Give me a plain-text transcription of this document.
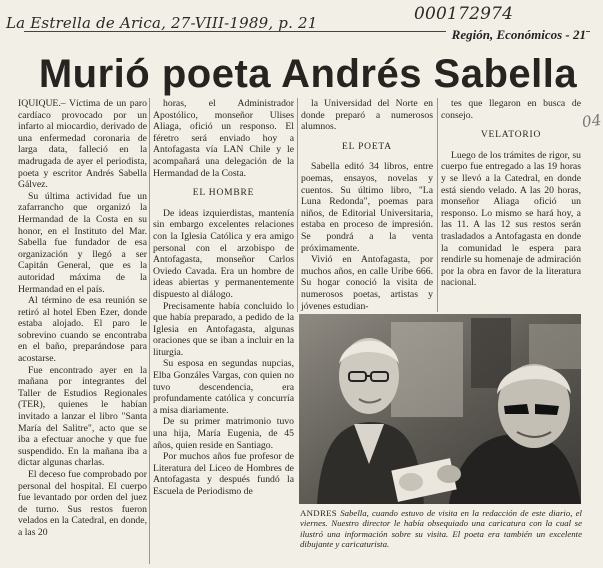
La Estrella de Arica, 27-VIII-1989, p. 21	000172974
04
Región, Económicos - 21
Murió poeta Andrés Sabella

IQUIQUE.– Víctima de un paro cardíaco provocado por un infarto al miocardio, derivado de una enfermedad coronaria de larga data, falleció en la madrugada de ayer el periodista, poeta y escritor Andrés Sabella Gálvez.

Su última actividad fue un zafarrancho que organizó la Hermandad de la Costa en su honor, en el Instituto del Mar. Sabella fue fundador de esa organización y llegó a ser Capitán General, que es la autoridad máxima de la Hermandad en el país.

Al término de esa reunión se retiró al hotel Eben Ezer, donde estaba alojado. El paro le sobrevino cuando se encontraba en el baño, preparándose para acostarse.

Fue encontrado ayer en la mañana por integrantes del Taller de Estudios Regionales (TER), quienes le habían invitado a lanzar el libro "Santa María del Salitre", acto que se iba a efectuar anoche y que fue suspendido. En la mañana iba a dictar algunas charlas.

El deceso fue comprobado por personal del hospital. El cuerpo fue levantado por orden del juez de turno. Sus restos fueron velados en la Catedral, en donde, a las 20

horas, el Administrador Apostólico, monseñor Ulises Aliaga, ofició un responso. El féretro será enviado hoy a Antofagasta vía LAN Chile y le acompañará una delegación de la Hermandad de la Costa.

EL HOMBRE

De ideas izquierdistas, mantenía sin embargo excelentes relaciones con la Iglesia Católica y era amigo personal con el arzobispo de Antofagasta, monseñor Carlos Oviedo Cavada. Era un hombre de ideas abiertas y permanentemente dispuesto al diálogo.

Precisamente había concluido lo que había preparado, a pedido de la Iglesia en Antofagasta, algunas oraciones que se iban a incluir en la liturgia.

Su esposa en segundas nupcias, Elba Gonzáles Vargas, con quien no tuvo descendencia, era profundamente católica y concurría a misa diariamente.

De su primer matrimonio tuvo una hija, María Eugenia, de 45 años, quien reside en Santiago.

Por muchos años fue profesor de Literatura del Liceo de Hombres de Antofagasta y después fundó la Escuela de Periodismo de

la Universidad del Norte en donde preparó a numerosos alumnos.

EL POETA

Sabella editó 34 libros, entre poemas, ensayos, novelas y cuentos. Su último libro, "La Luna Redonda", poemas para niños, de Editorial Universitaria, estaba en proceso de impresión. Se pondrá a la venta próximamente.

Vivió en Antofagasta, por muchos años, en calle Uribe 666. Su hogar conoció la visita de numerosos poetas, artistas y jóvenes estudian-

tes que llegaron en busca de consejo.

VELATORIO

Luego de los trámites de rigor, su cuerpo fue entregado a las 19 horas y se llevó a la Catedral, en donde está siendo velado. A las 20 horas, monseñor Aliaga ofició un responso. Lo mismo se hará hoy, a las 11. A las 12 sus restos serán trasladados a Antofagasta en donde la comunidad le espera para rendirle su homenaje de admiración por la obra en favor de la literatura nacional.

ANDRES Sabella, cuando estuvo de visita en la redacción de este diario, el viernes. Nuestro director le había obsequiado una caricatura con la cual se ilustró una información sobre su visita. El poeta era también un excelente dibujante y caricaturista.
